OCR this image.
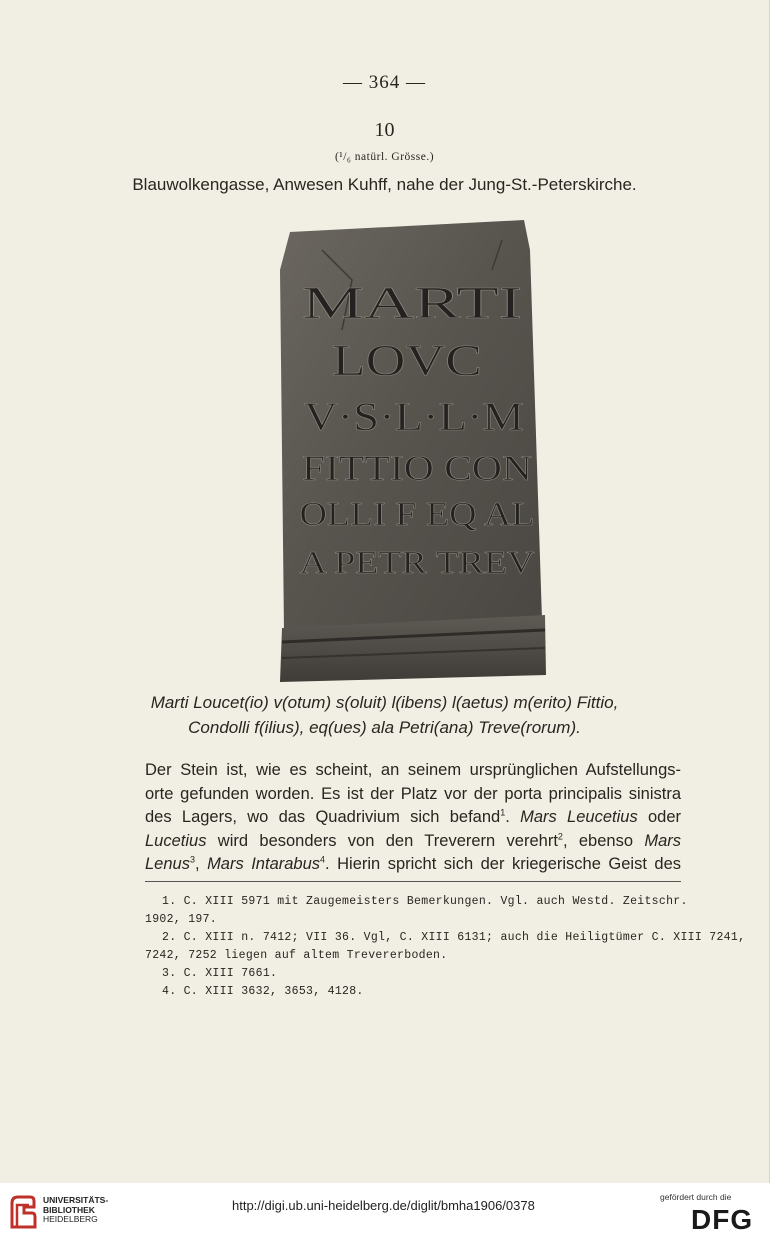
— 364 —
10
(¹/₆ natürl. Grösse.)
Blauwolkengasse, Anwesen Kuhff, nahe der Jung-St.-Peterskirche.
MARTI
LOVC
V·S·L·L·M
FITTIO CON
OLLI F EQ AL
A PETR TREV
Marti Loucet(io) v(otum) s(oluit) l(ibens) l(aetus) m(erito) Fittio,
Condolli f(ilius), eq(ues) ala Petri(ana) Treve(rorum).
Der Stein ist, wie es scheint, an seinem ursprünglichen Aufstellungs-
orte gefunden worden. Es ist der Platz vor der porta principalis sinistra
des Lagers, wo das Quadrivium sich befand$^1$. Mars Leucetius oder
Lucetius wird besonders von den Treverern verehrt$^2$, ebenso Mars
Lenus$^3$, Mars Intarabus$^4$. Hierin spricht sich der kriegerische Geist des
1. C. XIII 5971 mit Zaugemeisters Bemerkungen. Vgl. auch Westd. Zeitschr.
1902, 197.
2. C. XIII n. 7412; VII 36. Vgl, C. XIII 6131; auch die Heiligtümer C. XIII 7241,
7242, 7252 liegen auf altem Trevererboden.
3. C. XIII 7661.
4. C. XIII 3632, 3653, 4128.
UNIVERSITÄTS-
BIBLIOTHEK
HEIDELBERG
http://digi.ub.uni-heidelberg.de/diglit/bmha1906/0378
gefördert durch die
DFG
